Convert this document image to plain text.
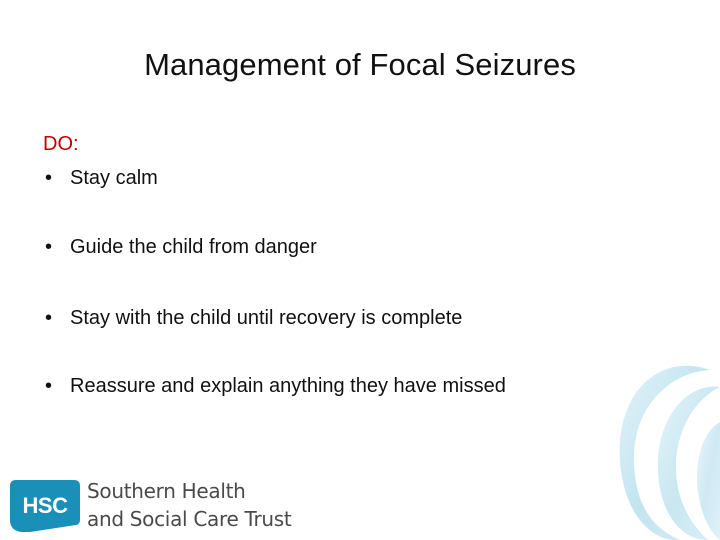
Management of Focal Seizures

DO:

• Stay calm

• Guide the child from danger

• Stay with the child until recovery is complete

• Reassure and explain anything they have missed

HSC
Southern Health
and Social Care Trust
